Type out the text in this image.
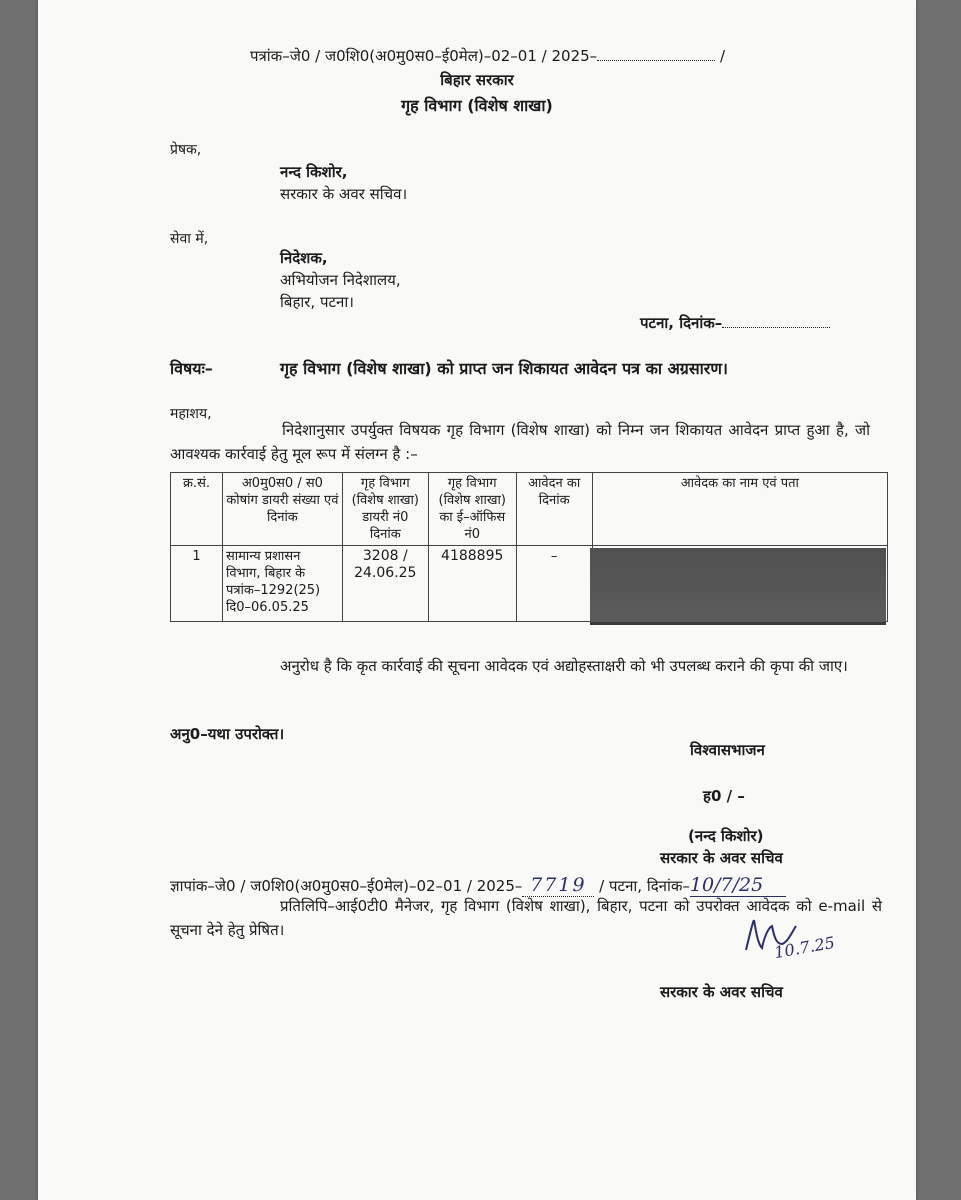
पत्रांक–जे0 / ज0शि0(अ0मु0स0–ई0मेल)–02–01 / 2025–	/
बिहार सरकार
गृह विभाग (विशेष शाखा)
प्रेषक,
नन्द किशोर,
सरकार के अवर सचिव।
सेवा में,
निदेशक,
अभियोजन निदेशालय,
बिहार, पटना।
पटना, दिनांक–
विषयः–	गृह विभाग (विशेष शाखा) को प्राप्त जन शिकायत आवेदन पत्र का अग्रसारण।
महाशय,
निदेशानुसार उपर्युक्त विषयक गृह विभाग (विशेष शाखा) को निम्न जन शिकायत आवेदन प्राप्त हुआ है, जो आवश्यक कार्रवाई हेतु मूल रूप में संलग्न है :–
अनुरोध है कि कृत कार्रवाई की सूचना आवेदक एवं अद्योहस्ताक्षरी को भी उपलब्ध कराने की कृपा की जाए।
अनु0–यथा उपरोक्त।
विश्वासभाजन
ह0 / –
(नन्द किशोर)
सरकार के अवर सचिव
ज्ञापांक–जे0 / ज0शि0(अ0मु0स0–ई0मेल)–02–01 / 2025– 7719 / पटना, दिनांक–10/7/25
प्रतिलिपि–आई0टी0 मैनेजर, गृह विभाग (विशेष शाखा), बिहार, पटना को उपरोक्त आवेदक को e-mail से सूचना देने हेतु प्रेषित।
10.7.25
सरकार के अवर सचिव
क्र.सं.	अ0मु0स0 / स0 कोषांग डायरी संख्या एवं दिनांक	गृह विभाग (विशेष शाखा) डायरी नं0 दिनांक	गृह विभाग (विशेष शाखा) का ई–ऑफिस नं0	आवेदन का दिनांक	आवेदक का नाम एवं पता
1	सामान्य प्रशासन विभाग, बिहार के पत्रांक–1292(25) दि0–06.05.25	3208 / 24.06.25	4188895	–	
